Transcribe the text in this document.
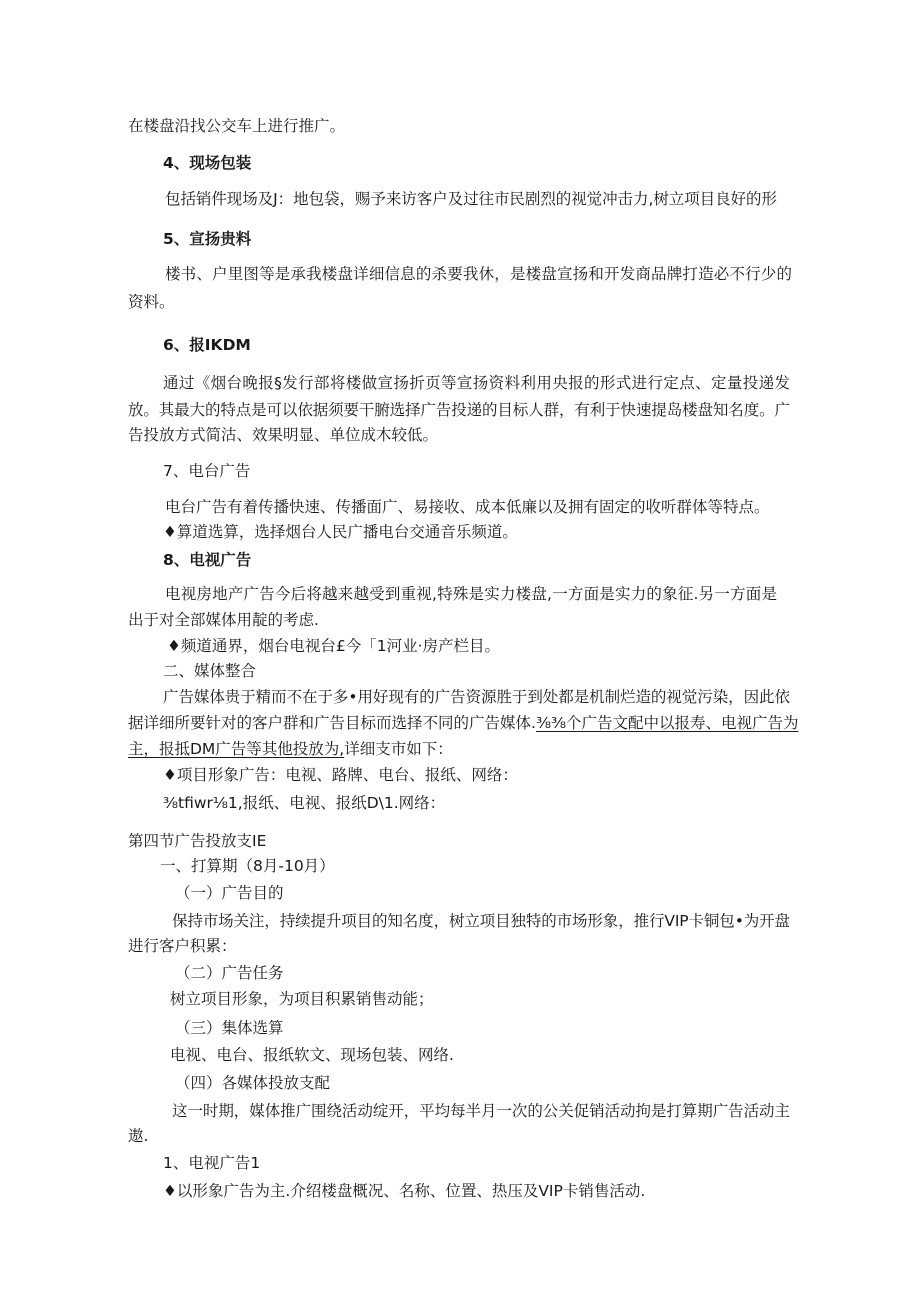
在楼盘沿找公交车上进行推广。
4、现场包装
包括销件现场及J：地包袋，赐予来访客户及过往市民剧烈的视觉冲击力,树立项目良好的形
5、宣扬贵料
楼书、户里图等是承我楼盘详细信息的杀要我休，是楼盘宣扬和开发商品牌打造必不行少的
资料。
6、报IKDM
通过《烟台晚报§发行部将楼做宣扬折页等宣扬资料利用央报的形式进行定点、定量投递发
放。其最大的特点是可以依据须要干腑选择广告投递的目标人群，有利于快速提岛楼盘知名度。广
告投放方式简沽、效果明显、单位成木较低。
7、电台广告
电台广告有着传播快速、传播面广、易接收、成本低廉以及拥有固定的收听群体等特点。
♦算道选算，选择烟台人民广播电台交通音乐频道。
8、电视广告
电视房地产广告今后将越来越受到重视,特殊是实力楼盘,一方面是实力的象征.另一方面是
出于对全部媒体用靛的考虑.
♦频道通界，烟台电视台£今「1河业·房产栏目。
二、媒体整合
广告媒体贵于精而不在于多•用好现有的广告资源胜于到处都是机制烂造的视觉污染，因此依
据详细所要针对的客户群和广告目标而选择不同的广告媒体.⅜⅜个广告文配中以报寿、电视广告为
主，报抵DM广告等其他投放为,详细支市如下：
♦项目形象广告：电视、路牌、电台、报纸、网络：
⅜tfiwr⅛1,报纸、电视、报纸D\1.网络：
第四节广告投放支IE
一、打算期（8月-10月）
（一）广告目的
保持市场关注，持续提升项目的知名度，树立项目独特的市场形象，推行VIP卡铜包•为开盘
进行客户积累：
（二）广告任务
树立项目形象，为项目积累销售动能；
（三）集体选算
电视、电台、报纸软文、现场包装、网络.
（四）各媒体投放支配
这一时期，媒体推广围绕活动绽开，平均每半月一次的公关促销活动拘是打算期广告活动主
遨.
1、电视广告1
♦以形象广告为主.介绍楼盘概况、名称、位置、热压及VIP卡销售活动.
